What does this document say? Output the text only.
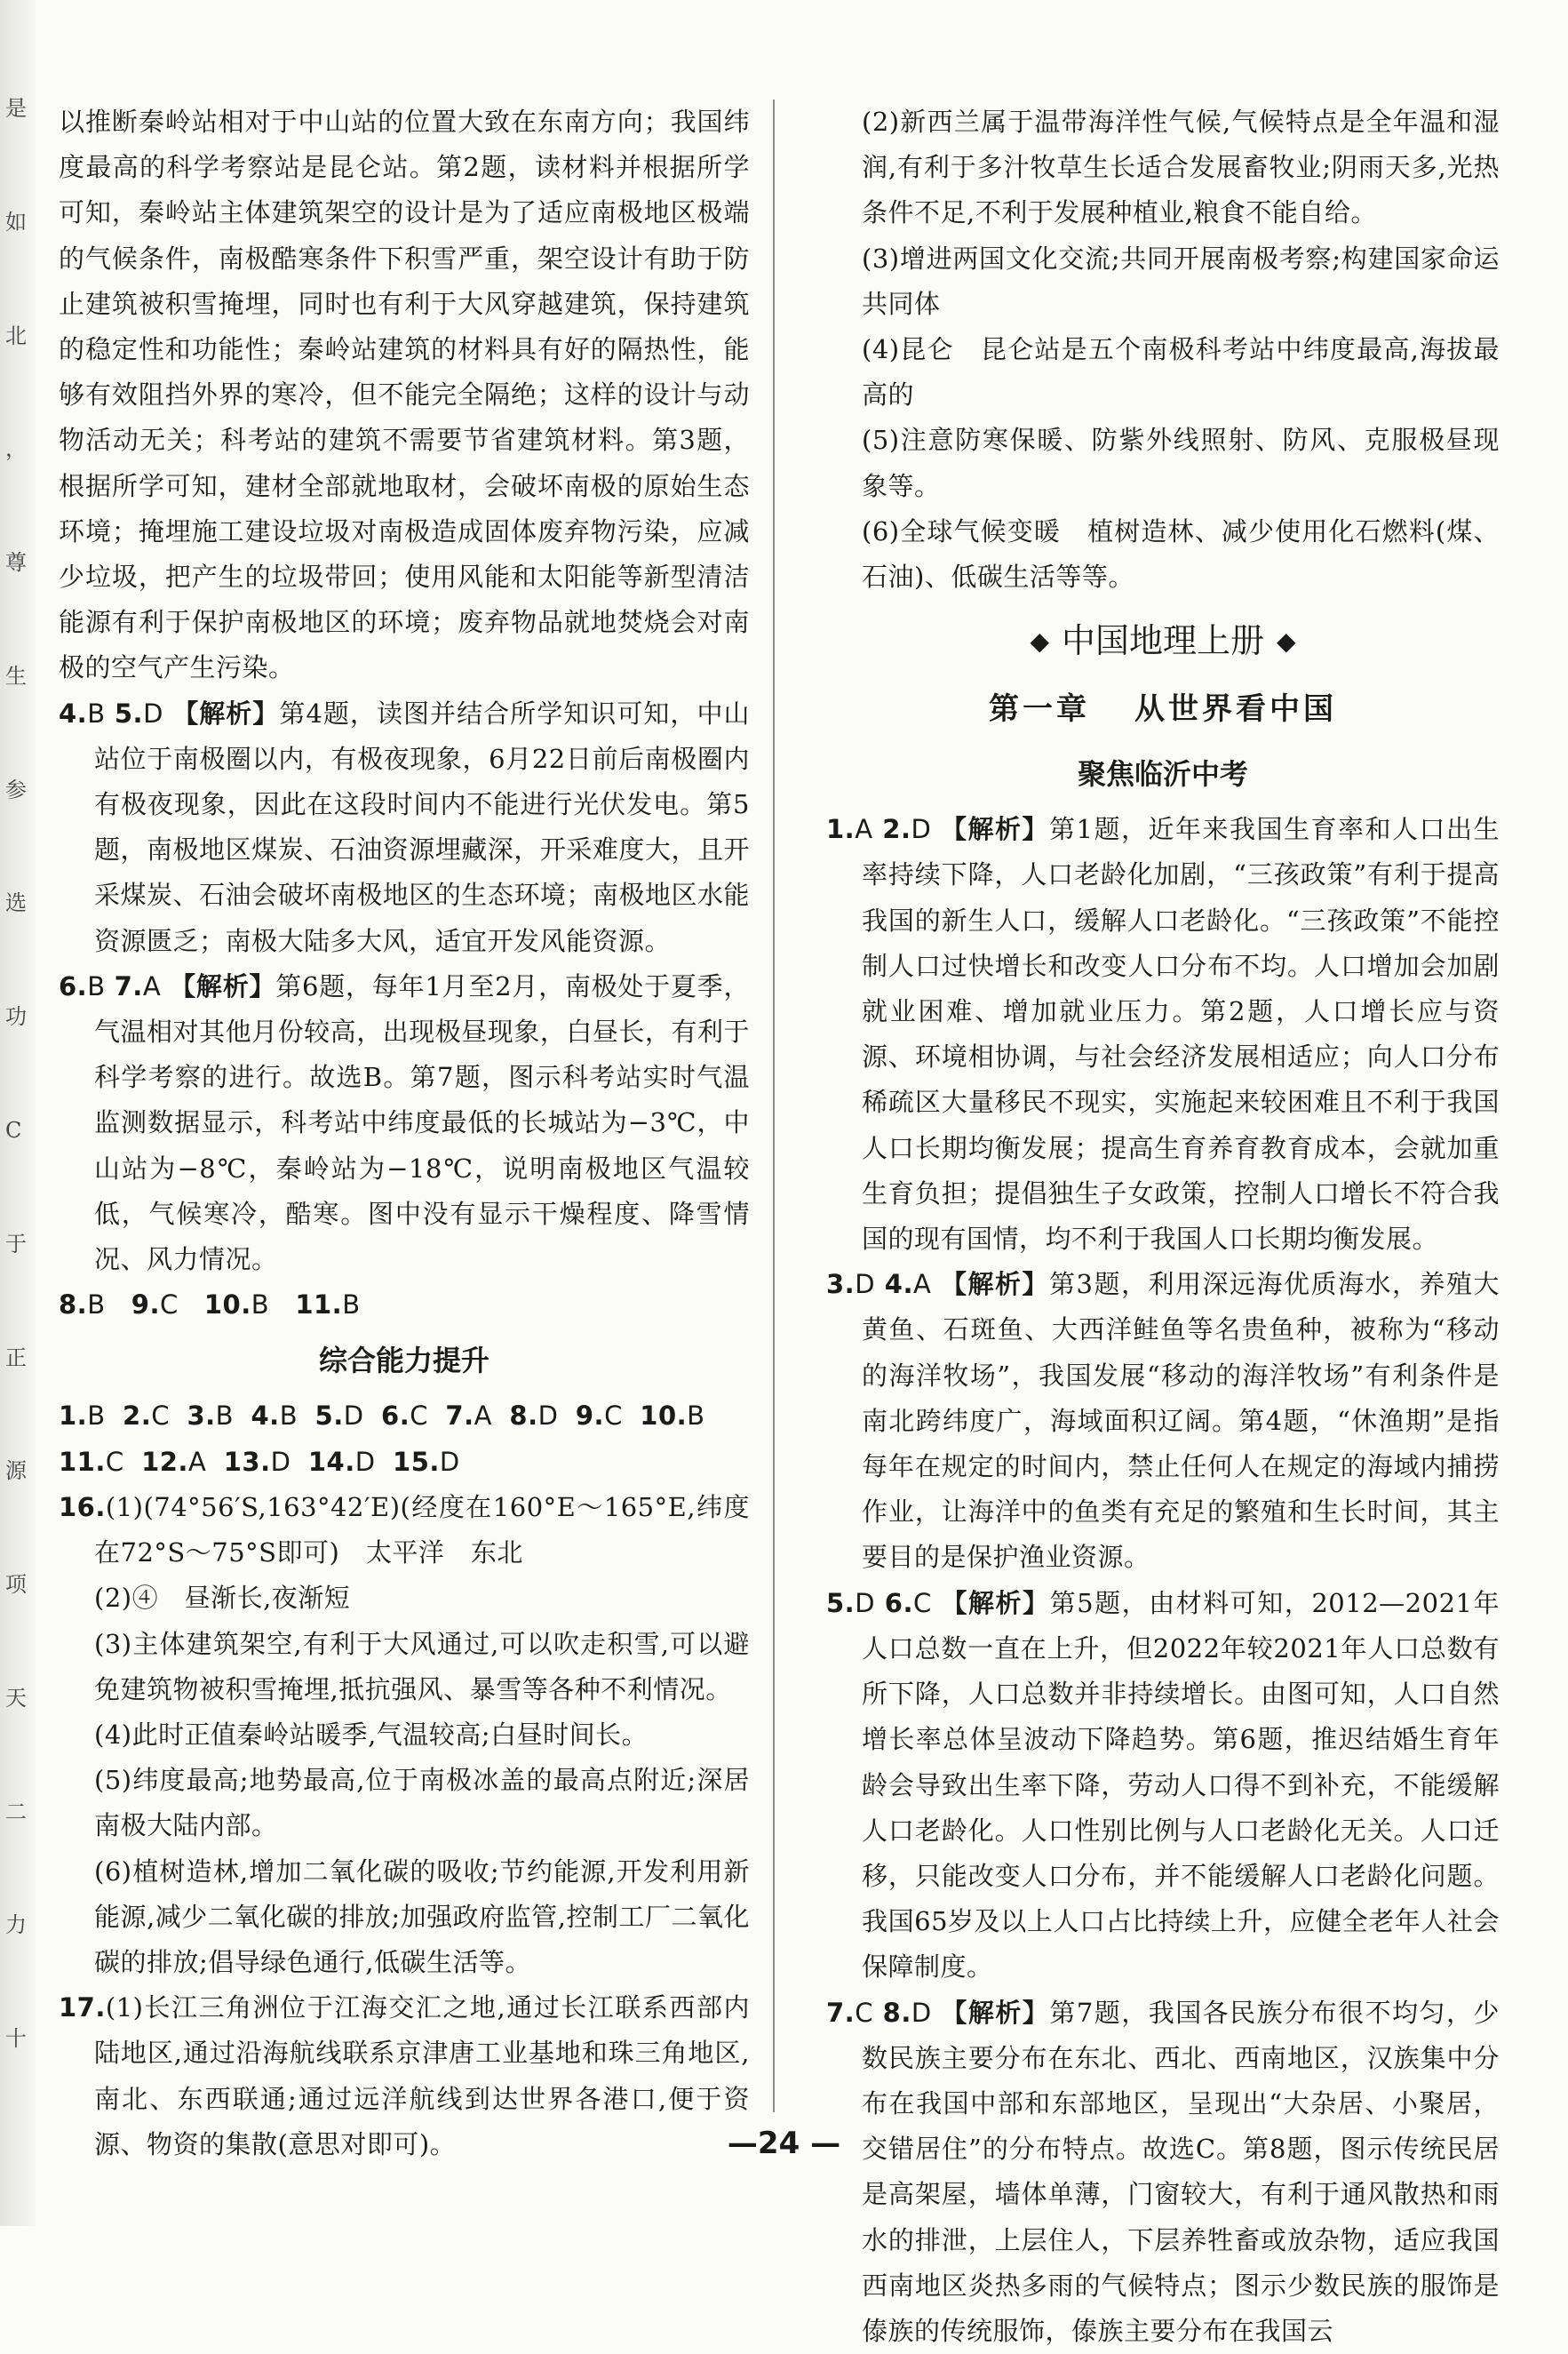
是
如
北
，
尊
生
参
选
功
C
于
正
源
项
天
二
力
十

以推断秦岭站相对于中山站的位置大致在东南方向；我国纬度最高的科学考察站是昆仑站。第2题，读材料并根据所学可知，秦岭站主体建筑架空的设计是为了适应南极地区极端的气候条件，南极酷寒条件下积雪严重，架空设计有助于防止建筑被积雪掩埋，同时也有利于大风穿越建筑，保持建筑的稳定性和功能性；秦岭站建筑的材料具有好的隔热性，能够有效阻挡外界的寒冷，但不能完全隔绝；这样的设计与动物活动无关；科考站的建筑不需要节省建筑材料。第3题，根据所学可知，建材全部就地取材，会破坏南极的原始生态环境；掩埋施工建设垃圾对南极造成固体废弃物污染，应减少垃圾，把产生的垃圾带回；使用风能和太阳能等新型清洁能源有利于保护南极地区的环境；废弃物品就地焚烧会对南极的空气产生污染。

4.B 5.D 【解析】第4题，读图并结合所学知识可知，中山站位于南极圈以内，有极夜现象，6月22日前后南极圈内有极夜现象，因此在这段时间内不能进行光伏发电。第5题，南极地区煤炭、石油资源埋藏深，开采难度大，且开采煤炭、石油会破坏南极地区的生态环境；南极地区水能资源匮乏；南极大陆多大风，适宜开发风能资源。

6.B 7.A 【解析】第6题，每年1月至2月，南极处于夏季，气温相对其他月份较高，出现极昼现象，白昼长，有利于科学考察的进行。故选B。第7题，图示科考站实时气温监测数据显示，科考站中纬度最低的长城站为−3℃，中山站为−8℃，秦岭站为−18℃，说明南极地区气温较低，气候寒冷，酷寒。图中没有显示干燥程度、降雪情况、风力情况。

8.B 9.C 10.B 11.B

综合能力提升

1.B 2.C 3.B 4.B 5.D 6.C 7.A 8.D 9.C 10.B

11.C 12.A 13.D 14.D 15.D

16.(1)(74°56′S,163°42′E)(经度在160°E～165°E,纬度在72°S～75°S即可)　太平洋　东北

(2)④　昼渐长,夜渐短

(3)主体建筑架空,有利于大风通过,可以吹走积雪,可以避免建筑物被积雪掩埋,抵抗强风、暴雪等各种不利情况。

(4)此时正值秦岭站暖季,气温较高;白昼时间长。

(5)纬度最高;地势最高,位于南极冰盖的最高点附近;深居南极大陆内部。

(6)植树造林,增加二氧化碳的吸收;节约能源,开发利用新能源,减少二氧化碳的排放;加强政府监管,控制工厂二氧化碳的排放;倡导绿色通行,低碳生活等。

17.(1)长江三角洲位于江海交汇之地,通过长江联系西部内陆地区,通过沿海航线联系京津唐工业基地和珠三角地区,南北、东西联通;通过远洋航线到达世界各港口,便于资源、物资的集散(意思对即可)。

(2)新西兰属于温带海洋性气候,气候特点是全年温和湿润,有利于多汁牧草生长适合发展畜牧业;阴雨天多,光热条件不足,不利于发展种植业,粮食不能自给。

(3)增进两国文化交流;共同开展南极考察;构建国家命运共同体

(4)昆仑　昆仑站是五个南极科考站中纬度最高,海拔最高的

(5)注意防寒保暖、防紫外线照射、防风、克服极昼现象等。

(6)全球气候变暖　植树造林、减少使用化石燃料(煤、石油)、低碳生活等等。

◆ 中国地理上册 ◆
第一章 从世界看中国
聚焦临沂中考

1.A 2.D 【解析】第1题，近年来我国生育率和人口出生率持续下降，人口老龄化加剧，“三孩政策”有利于提高我国的新生人口，缓解人口老龄化。“三孩政策”不能控制人口过快增长和改变人口分布不均。人口增加会加剧就业困难、增加就业压力。第2题，人口增长应与资源、环境相协调，与社会经济发展相适应；向人口分布稀疏区大量移民不现实，实施起来较困难且不利于我国人口长期均衡发展；提高生育养育教育成本，会就加重生育负担；提倡独生子女政策，控制人口增长不符合我国的现有国情，均不利于我国人口长期均衡发展。

3.D 4.A 【解析】第3题，利用深远海优质海水，养殖大黄鱼、石斑鱼、大西洋鲑鱼等名贵鱼种，被称为“移动的海洋牧场”，我国发展“移动的海洋牧场”有利条件是南北跨纬度广，海域面积辽阔。第4题，“休渔期”是指每年在规定的时间内，禁止任何人在规定的海域内捕捞作业，让海洋中的鱼类有充足的繁殖和生长时间，其主要目的是保护渔业资源。

5.D 6.C 【解析】第5题，由材料可知，2012—2021年人口总数一直在上升，但2022年较2021年人口总数有所下降，人口总数并非持续增长。由图可知，人口自然增长率总体呈波动下降趋势。第6题，推迟结婚生育年龄会导致出生率下降，劳动人口得不到补充，不能缓解人口老龄化。人口性别比例与人口老龄化无关。人口迁移，只能改变人口分布，并不能缓解人口老龄化问题。我国65岁及以上人口占比持续上升，应健全老年人社会保障制度。

7.C 8.D 【解析】第7题，我国各民族分布很不均匀，少数民族主要分布在东北、西北、西南地区，汉族集中分布在我国中部和东部地区，呈现出“大杂居、小聚居，交错居住”的分布特点。故选C。第8题，图示传统民居是高架屋，墙体单薄，门窗较大，有利于通风散热和雨水的排泄，上层住人，下层养牲畜或放杂物，适应我国西南地区炎热多雨的气候特点；图示少数民族的服饰是傣族的传统服饰，傣族主要分布在我国云

—24 —
